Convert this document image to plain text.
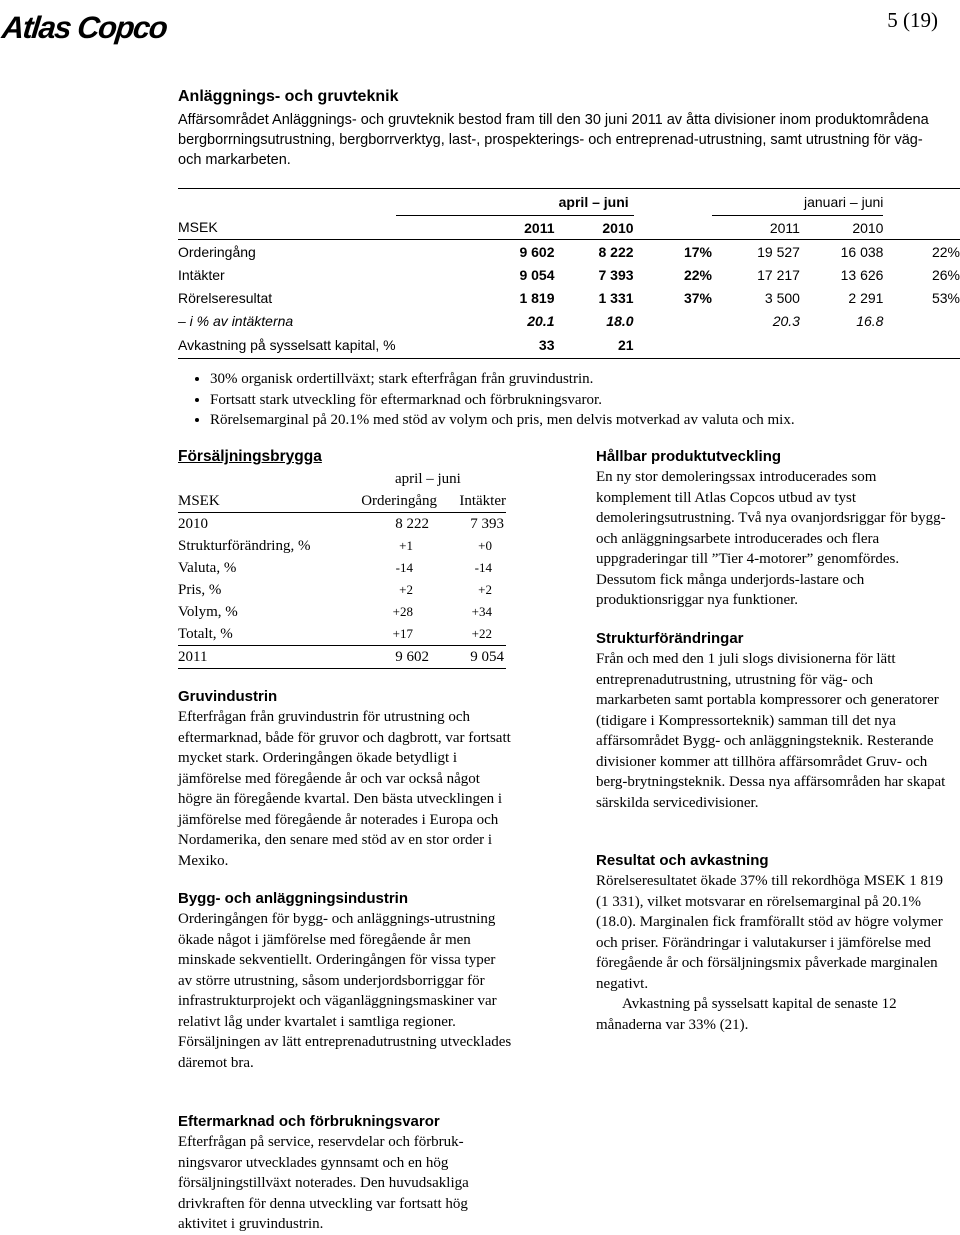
Atlas Copco	5 (19)
Anläggnings- och gruvteknik

Affärsområdet Anläggnings- och gruvteknik bestod fram till den 30 juni 2011 av åtta divisioner inom produktområdena bergborrningsutrustning, bergborrverktyg, last-, prospekterings- och entreprenad-utrustning, samt utrustning för väg- och markarbeten.

	april – juni			januari – juni		
MSEK	2011	2010		2011	2010	
Orderingång	9 602	8 222	17%	19 527	16 038	22%
Intäkter	9 054	7 393	22%	17 217	13 626	26%
Rörelseresultat	1 819	1 331	37%	3 500	2 291	53%
– i % av intäkterna	20.1	18.0		20.3	16.8	
Avkastning på sysselsatt kapital, %	33	21				
• 30% organisk ordertillväxt; stark efterfrågan från gruvindustrin.
• Fortsatt stark utveckling för eftermarknad och förbrukningsvaror.
• Rörelsemarginal på 20.1% med stöd av volym och pris, men delvis motverkad av valuta och mix.
Försäljningsbrygga
	april – juni	
MSEK	Orderingång	Intäkter
2010	8 222	7 393
Strukturförändring, %	+1	+0
Valuta, %	-14	-14
Pris, %	+2	+2
Volym, %	+28	+34
Totalt, %	+17	+22
2011	9 602	9 054
Gruvindustrin

Efterfrågan från gruvindustrin för utrustning och eftermarknad, både för gruvor och dagbrott, var fortsatt mycket stark. Orderingången ökade betydligt i jämförelse med föregående år och var också något högre än föregående kvartal. Den bästa utvecklingen i jämförelse med föregående år noterades i Europa och Nordamerika, den senare med stöd av en stor order i Mexiko.

Bygg- och anläggningsindustrin

Orderingången för bygg- och anläggnings-utrustning ökade något i jämförelse med föregående år men minskade sekventiellt. Orderingången för vissa typer av större utrustning, såsom underjordsborriggar för infrastrukturprojekt och väganläggningsmaskiner var relativt låg under kvartalet i samtliga regioner. Försäljningen av lätt entreprenadutrustning utvecklades däremot bra.

Eftermarknad och förbrukningsvaror

Efterfrågan på service, reservdelar och förbruk-ningsvaror utvecklades gynnsamt och en hög försäljningstillväxt noterades. Den huvudsakliga drivkraften för denna utveckling var fortsatt hög aktivitet i gruvindustrin.

Hållbar produktutveckling

En ny stor demoleringssax introducerades som komplement till Atlas Copcos utbud av tyst demoleringsutrustning. Två nya ovanjordsriggar för bygg- och anläggningsarbete introducerades och flera uppgraderingar till ”Tier 4-motorer” genomfördes. Dessutom fick många underjords-lastare och produktionsriggar nya funktioner.

Strukturförändringar

Från och med den 1 juli slogs divisionerna för lätt entreprenadutrustning, utrustning för väg- och markarbeten samt portabla kompressorer och generatorer (tidigare i Kompressorteknik) samman till det nya affärsområdet Bygg- och anläggningsteknik. Resterande divisioner kommer att tillhöra affärsområdet Gruv- och berg-brytningsteknik. Dessa nya affärsområden har skapat särskilda servicedivisioner.

Resultat och avkastning

Rörelseresultatet ökade 37% till rekordhöga MSEK 1 819 (1 331), vilket motsvarar en rörelsemarginal på 20.1% (18.0). Marginalen fick framförallt stöd av högre volymer och priser. Förändringar i valutakurser i jämförelse med föregående år och försäljningsmix påverkade marginalen negativt.

Avkastning på sysselsatt kapital de senaste 12 månaderna var 33% (21).
